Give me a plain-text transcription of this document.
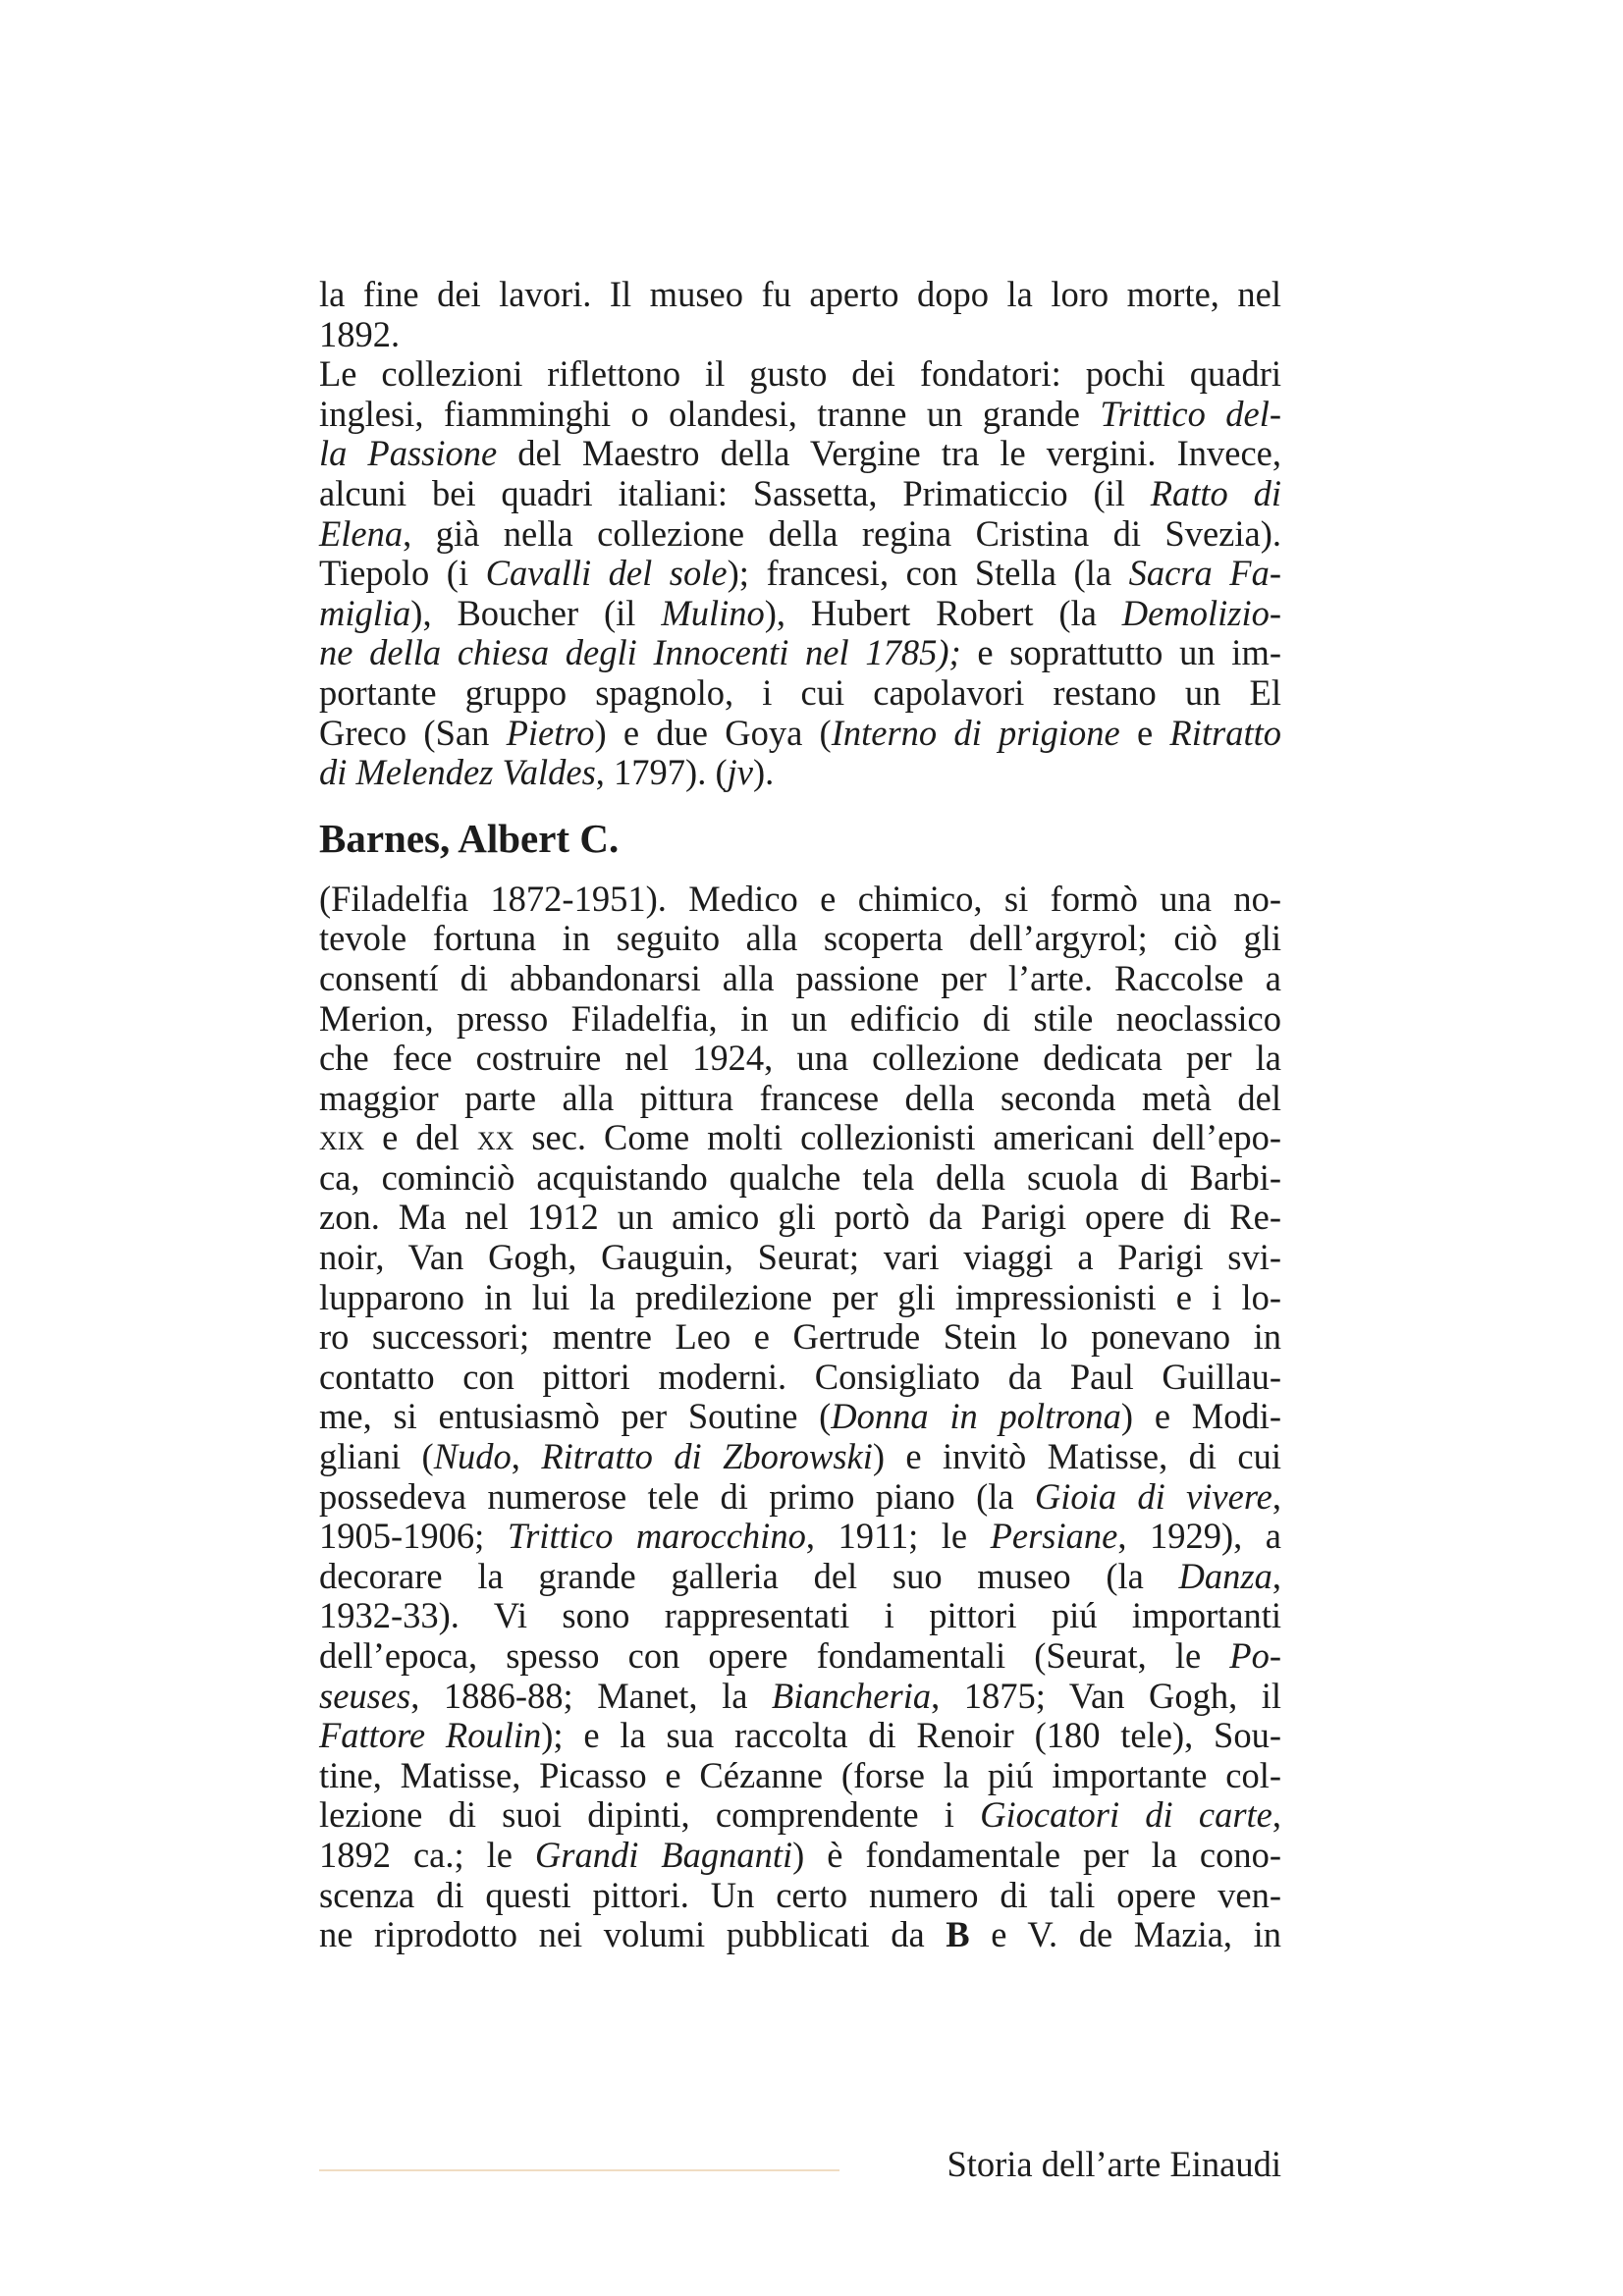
la fine dei lavori. Il museo fu aperto dopo la loro morte, nel
1892.
Le collezioni riflettono il gusto dei fondatori: pochi quadri
inglesi, fiamminghi o olandesi, tranne un grande Trittico del-
la Passione del Maestro della Vergine tra le vergini. Invece,
alcuni bei quadri italiani: Sassetta, Primaticcio (il Ratto di
Elena, già nella collezione della regina Cristina di Svezia).
Tiepolo (i Cavalli del sole); francesi, con Stella (la Sacra Fa-
miglia), Boucher (il Mulino), Hubert Robert (la Demolizio-
ne della chiesa degli Innocenti nel 1785); e soprattutto un im-
portante gruppo spagnolo, i cui capolavori restano un El
Greco (San Pietro) e due Goya (Interno di prigione e Ritratto
di Melendez Valdes, 1797). (jv).
Barnes, Albert C.
(Filadelfia 1872-1951). Medico e chimico, si formò una no-
tevole fortuna in seguito alla scoperta dell’argyrol; ciò gli
consentí di abbandonarsi alla passione per l’arte. Raccolse a
Merion, presso Filadelfia, in un edificio di stile neoclassico
che fece costruire nel 1924, una collezione dedicata per la
maggior parte alla pittura francese della seconda metà del
xix e del xx sec. Come molti collezionisti americani dell’epo-
ca, cominciò acquistando qualche tela della scuola di Barbi-
zon. Ma nel 1912 un amico gli portò da Parigi opere di Re-
noir, Van Gogh, Gauguin, Seurat; vari viaggi a Parigi svi-
lupparono in lui la predilezione per gli impressionisti e i lo-
ro successori; mentre Leo e Gertrude Stein lo ponevano in
contatto con pittori moderni. Consigliato da Paul Guillau-
me, si entusiasmò per Soutine (Donna in poltrona) e Modi-
gliani (Nudo, Ritratto di Zborowski) e invitò Matisse, di cui
possedeva numerose tele di primo piano (la Gioia di vivere,
1905-1906; Trittico marocchino, 1911; le Persiane, 1929), a
decorare la grande galleria del suo museo (la Danza,
1932-33). Vi sono rappresentati i pittori piú importanti
dell’epoca, spesso con opere fondamentali (Seurat, le Po-
seuses, 1886-88; Manet, la Biancheria, 1875; Van Gogh, il
Fattore Roulin); e la sua raccolta di Renoir (180 tele), Sou-
tine, Matisse, Picasso e Cézanne (forse la piú importante col-
lezione di suoi dipinti, comprendente i Giocatori di carte,
1892 ca.; le Grandi Bagnanti) è fondamentale per la cono-
scenza di questi pittori. Un certo numero di tali opere ven-
ne riprodotto nei volumi pubblicati da B e V. de Mazia, in
Storia dell’arte Einaudi
